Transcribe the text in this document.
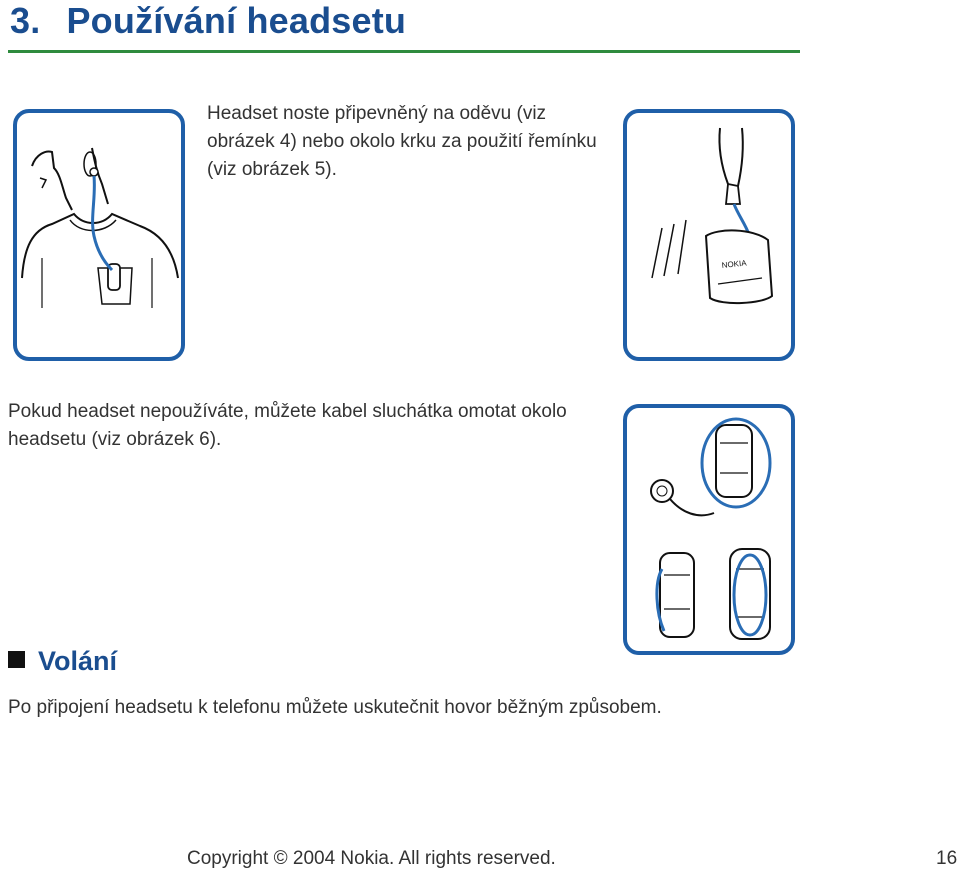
3. Používání headsetu
Headset noste připevněný na oděvu (viz obrázek 4) nebo okolo krku za použití řemínku (viz obrázek 5).
NOKIA
Pokud headset nepoužíváte, můžete kabel sluchátka omotat okolo headsetu (viz obrázek 6).
Volání
Po připojení headsetu k telefonu můžete uskutečnit hovor běžným způsobem.
Copyright © 2004 Nokia. All rights reserved.	16
